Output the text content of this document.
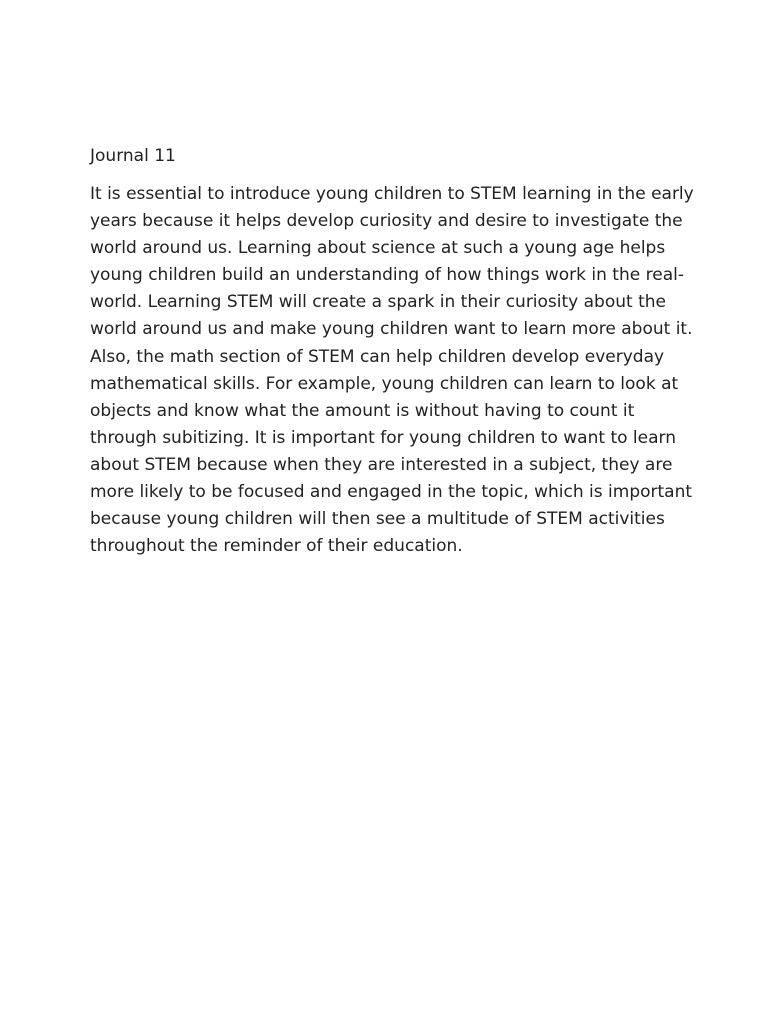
Journal 11

It is essential to introduce young children to STEM learning in the early
years because it helps develop curiosity and desire to investigate the
world around us. Learning about science at such a young age helps
young children build an understanding of how things work in the real-
world. Learning STEM will create a spark in their curiosity about the
world around us and make young children want to learn more about it.
Also, the math section of STEM can help children develop everyday
mathematical skills. For example, young children can learn to look at
objects and know what the amount is without having to count it
through subitizing. It is important for young children to want to learn
about STEM because when they are interested in a subject, they are
more likely to be focused and engaged in the topic, which is important
because young children will then see a multitude of STEM activities
throughout the reminder of their education.
